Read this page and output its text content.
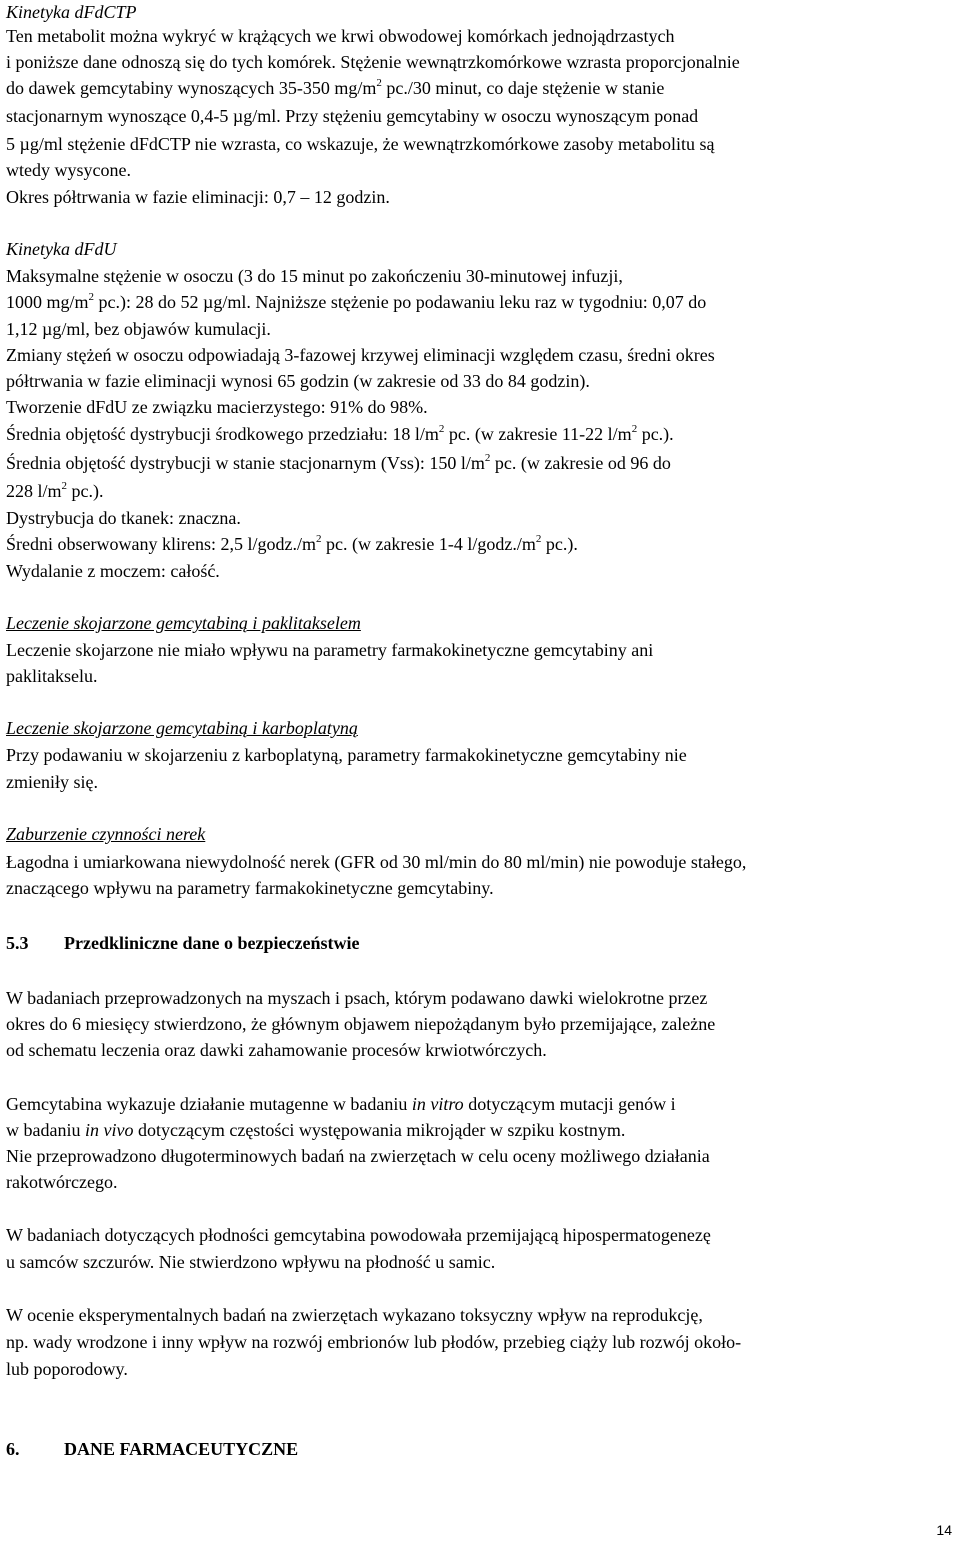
Kinetyka dFdCTP
Ten metabolit można wykryć w krążących we krwi obwodowej komórkach jednojądrzastych
i poniższe dane odnoszą się do tych komórek. Stężenie wewnątrzkomórkowe wzrasta proporcjonalnie
do dawek gemcytabiny wynoszących 35-350 $mg/m^2$ pc./30 minut, co daje stężenie w stanie
stacjonarnym wynoszące 0,4-5 µg/ml. Przy stężeniu gemcytabiny w osoczu wynoszącym ponad
5 µg/ml stężenie dFdCTP nie wzrasta, co wskazuje, że wewnątrzkomórkowe zasoby metabolitu są
wtedy wysycone.
Okres półtrwania w fazie eliminacji: 0,7 – 12 godzin.
Kinetyka dFdU
Maksymalne stężenie w osoczu (3 do 15 minut po zakończeniu 30-minutowej infuzji,
1000 $mg/m^2$ pc.): 28 do 52 µg/ml. Najniższe stężenie po podawaniu leku raz w tygodniu: 0,07 do
1,12 µg/ml, bez objawów kumulacji.
Zmiany stężeń w osoczu odpowiadają 3-fazowej krzywej eliminacji względem czasu, średni okres
półtrwania w fazie eliminacji wynosi 65 godzin (w zakresie od 33 do 84 godzin).
Tworzenie dFdU ze związku macierzystego: 91% do 98%.
Średnia objętość dystrybucji środkowego przedziału: 18 $l/m^2$ pc. (w zakresie 11-22 $l/m^2$ pc.).
Średnia objętość dystrybucji w stanie stacjonarnym (Vss): 150 $l/m^2$ pc. (w zakresie od 96 do
228 $l/m^2$ pc.).
Dystrybucja do tkanek: znaczna.
Średni obserwowany klirens: 2,5 $l/godz./m^2$ pc. (w zakresie 1-4 $l/godz./m^2$ pc.).
Wydalanie z moczem: całość.
Leczenie skojarzone gemcytabiną i paklitakselem
Leczenie skojarzone nie miało wpływu na parametry farmakokinetyczne gemcytabiny ani
paklitakselu.
Leczenie skojarzone gemcytabiną i karboplatyną
Przy podawaniu w skojarzeniu z karboplatyną, parametry farmakokinetyczne gemcytabiny nie
zmieniły się.
Zaburzenie czynności nerek
Łagodna i umiarkowana niewydolność nerek (GFR od 30 ml/min do 80 ml/min) nie powoduje stałego,
znaczącego wpływu na parametry farmakokinetyczne gemcytabiny.
5.3 Przedkliniczne dane o bezpieczeństwie
W badaniach przeprowadzonych na myszach i psach, którym podawano dawki wielokrotne przez
okres do 6 miesięcy stwierdzono, że głównym objawem niepożądanym było przemijające, zależne
od schematu leczenia oraz dawki zahamowanie procesów krwiotwórczych.
Gemcytabina wykazuje działanie mutagenne w badaniu in vitro dotyczącym mutacji genów i
w badaniu in vivo dotyczącym częstości występowania mikrojąder w szpiku kostnym.
Nie przeprowadzono długoterminowych badań na zwierzętach w celu oceny możliwego działania
rakotwórczego.
W badaniach dotyczących płodności gemcytabina powodowała przemijającą hipospermatogenezę
u samców szczurów. Nie stwierdzono wpływu na płodność u samic.
W ocenie eksperymentalnych badań na zwierzętach wykazano toksyczny wpływ na reprodukcję,
np. wady wrodzone i inny wpływ na rozwój embrionów lub płodów, przebieg ciąży lub rozwój około-
lub poporodowy.
6. DANE FARMACEUTYCZNE
14
